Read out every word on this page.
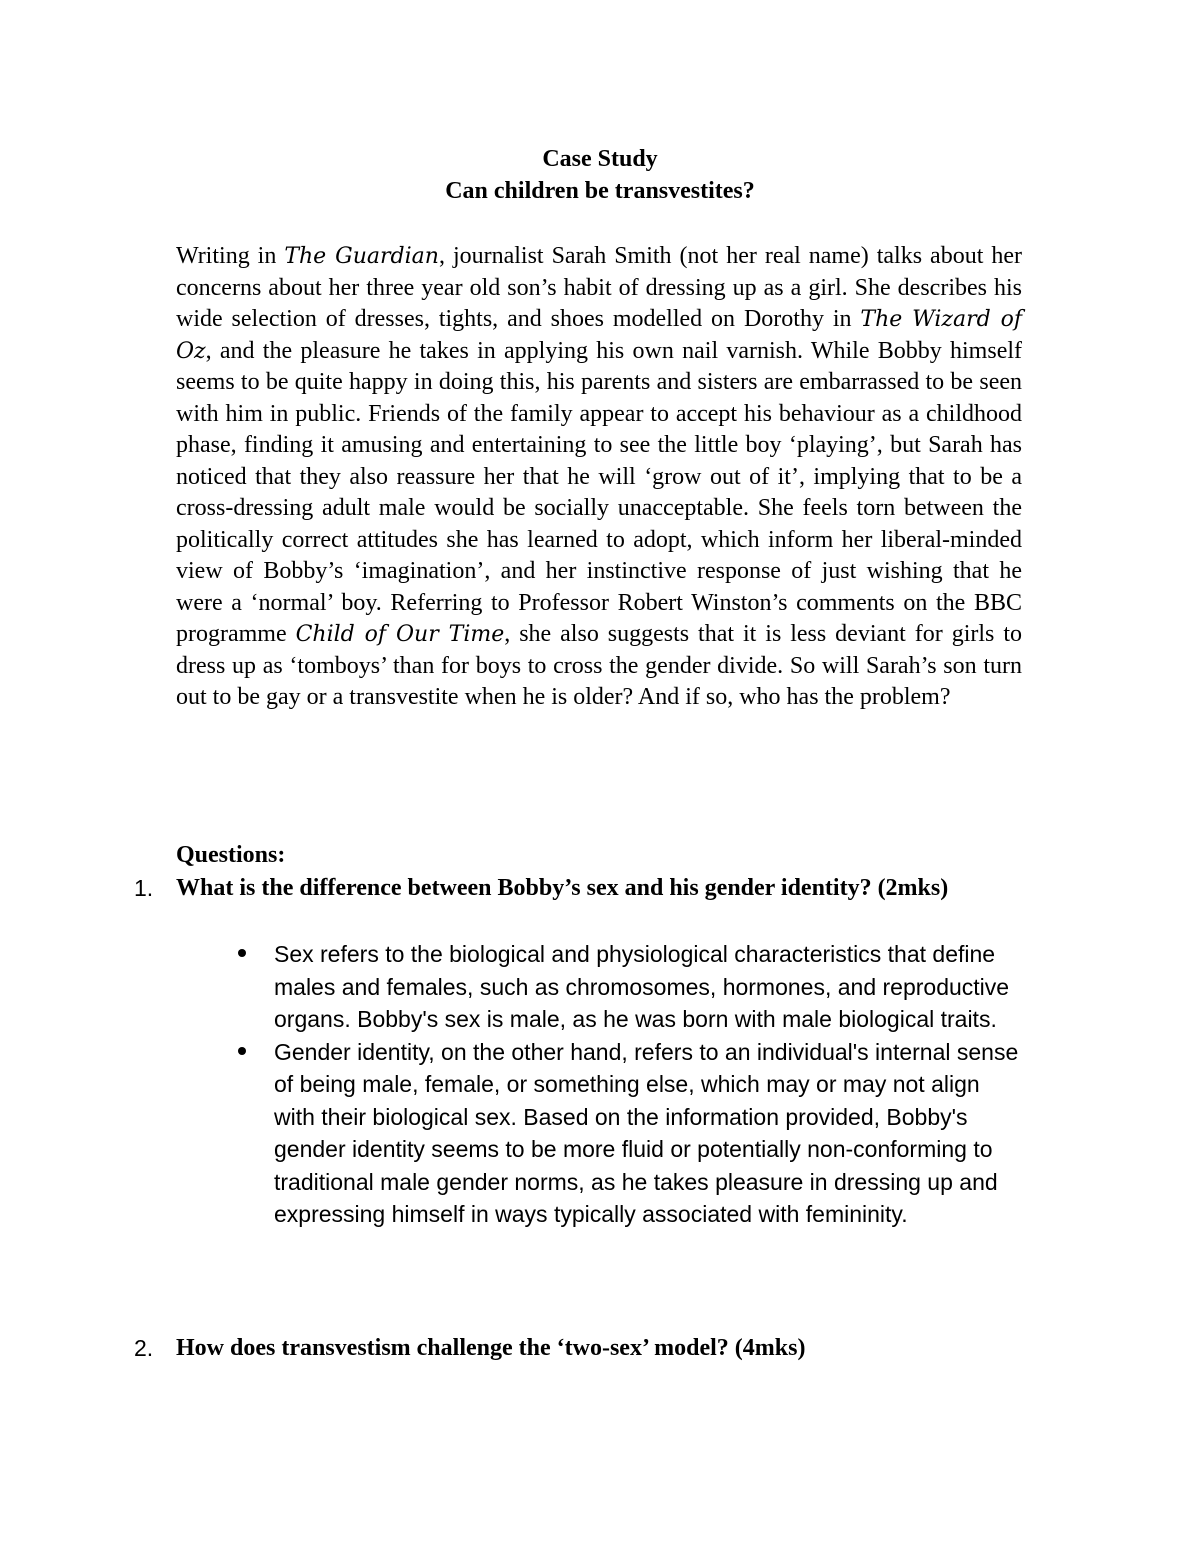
Case Study
Can children be transvestites?
Writing in The Guardian, journalist Sarah Smith (not her real name) talks about her concerns about her three year old son’s habit of dressing up as a girl. She describes his wide selection of dresses, tights, and shoes modelled on Dorothy in The Wizard of Oz, and the pleasure he takes in applying his own nail varnish. While Bobby himself seems to be quite happy in doing this, his parents and sisters are embarrassed to be seen with him in public. Friends of the family appear to accept his behaviour as a childhood phase, finding it amusing and entertaining to see the little boy ‘playing’, but Sarah has noticed that they also reassure her that he will ‘grow out of it’, implying that to be a cross-dressing adult male would be socially unacceptable. She feels torn between the politically correct attitudes she has learned to adopt, which inform her liberal-minded view of Bobby’s ‘imagination’, and her instinctive response of just wishing that he were a ‘normal’ boy. Referring to Professor Robert Winston’s comments on the BBC programme Child of Our Time, she also suggests that it is less deviant for girls to dress up as ‘tomboys’ than for boys to cross the gender divide. So will Sarah’s son turn out to be gay or a transvestite when he is older? And if so, who has the problem?
Questions:
1. What is the difference between Bobby’s sex and his gender identity? (2mks)
Sex refers to the biological and physiological characteristics that define males and females, such as chromosomes, hormones, and reproductive organs. Bobby's sex is male, as he was born with male biological traits.
Gender identity, on the other hand, refers to an individual's internal sense of being male, female, or something else, which may or may not align with their biological sex. Based on the information provided, Bobby's gender identity seems to be more fluid or potentially non-conforming to traditional male gender norms, as he takes pleasure in dressing up and expressing himself in ways typically associated with femininity.
2. How does transvestism challenge the ‘two-sex’ model? (4mks)
